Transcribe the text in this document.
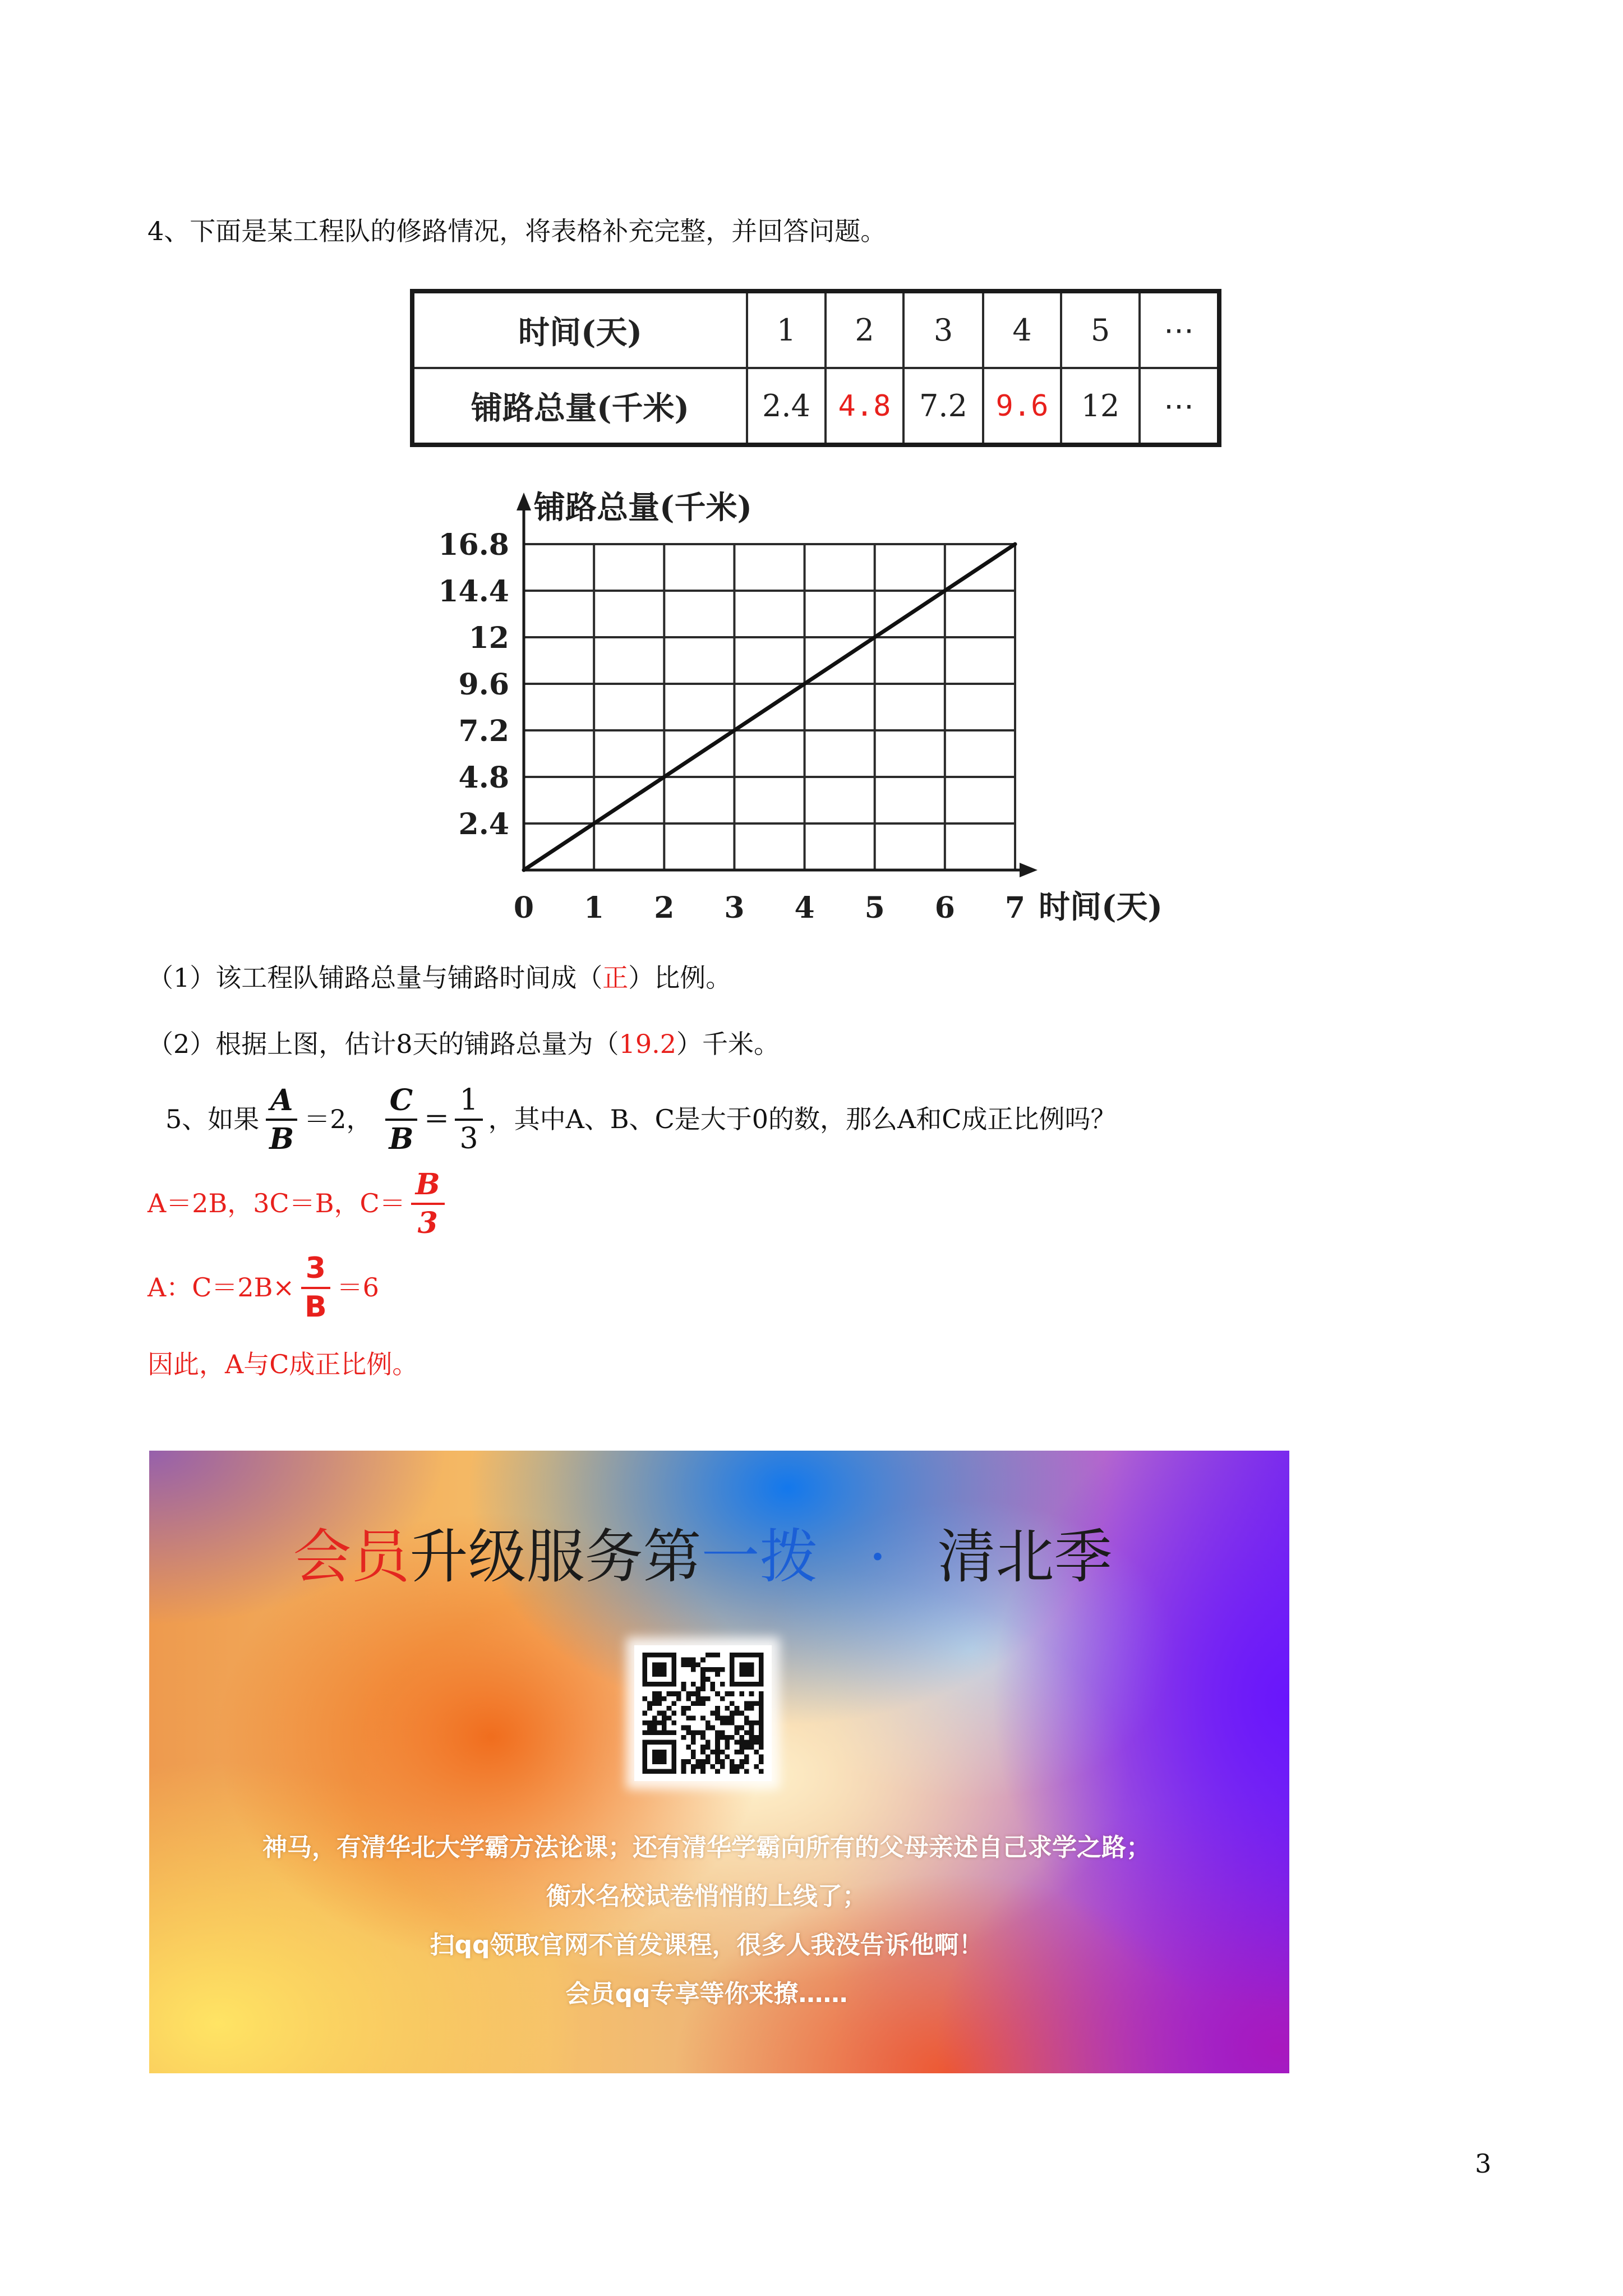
4、下面是某工程队的修路情况，将表格补充完整，并回答问题。
时间(天)	1	2	3	4	5	⋯
铺路总量(千米)	2.4	4.8	7.2	9.6	12	⋯
铺路总量(千米)
时间(天)
0 1 2 3 4 5 6 7
2.4
4.8
7.2
9.6
12
14.4
16.8
（1）该工程队铺路总量与铺路时间成（ 正 ）比例。
（2）根据上图，估计8天的铺路总量为（ 19.2 ）千米。
5、如果 $\frac{A}{B} =2$， $\frac{C}{B} = \frac{1}{3}$ ，其中A、B、C是大于0的数，那么A和C成正比例吗？
A＝2B，3C＝B，$C= \frac{B}{3}$
A：$C=2B\times \frac{3}{B} =6$
因此，A与C成正比例。
会员升级服务第一拨 · 清北季
神马，有清华北大学霸方法论课；还有清华学霸向所有的父母亲述自己求学之路；
衡水名校试卷悄悄的上线了；
扫qq领取官网不首发课程，很多人我没告诉他啊！
会员qq专享等你来撩……
3
